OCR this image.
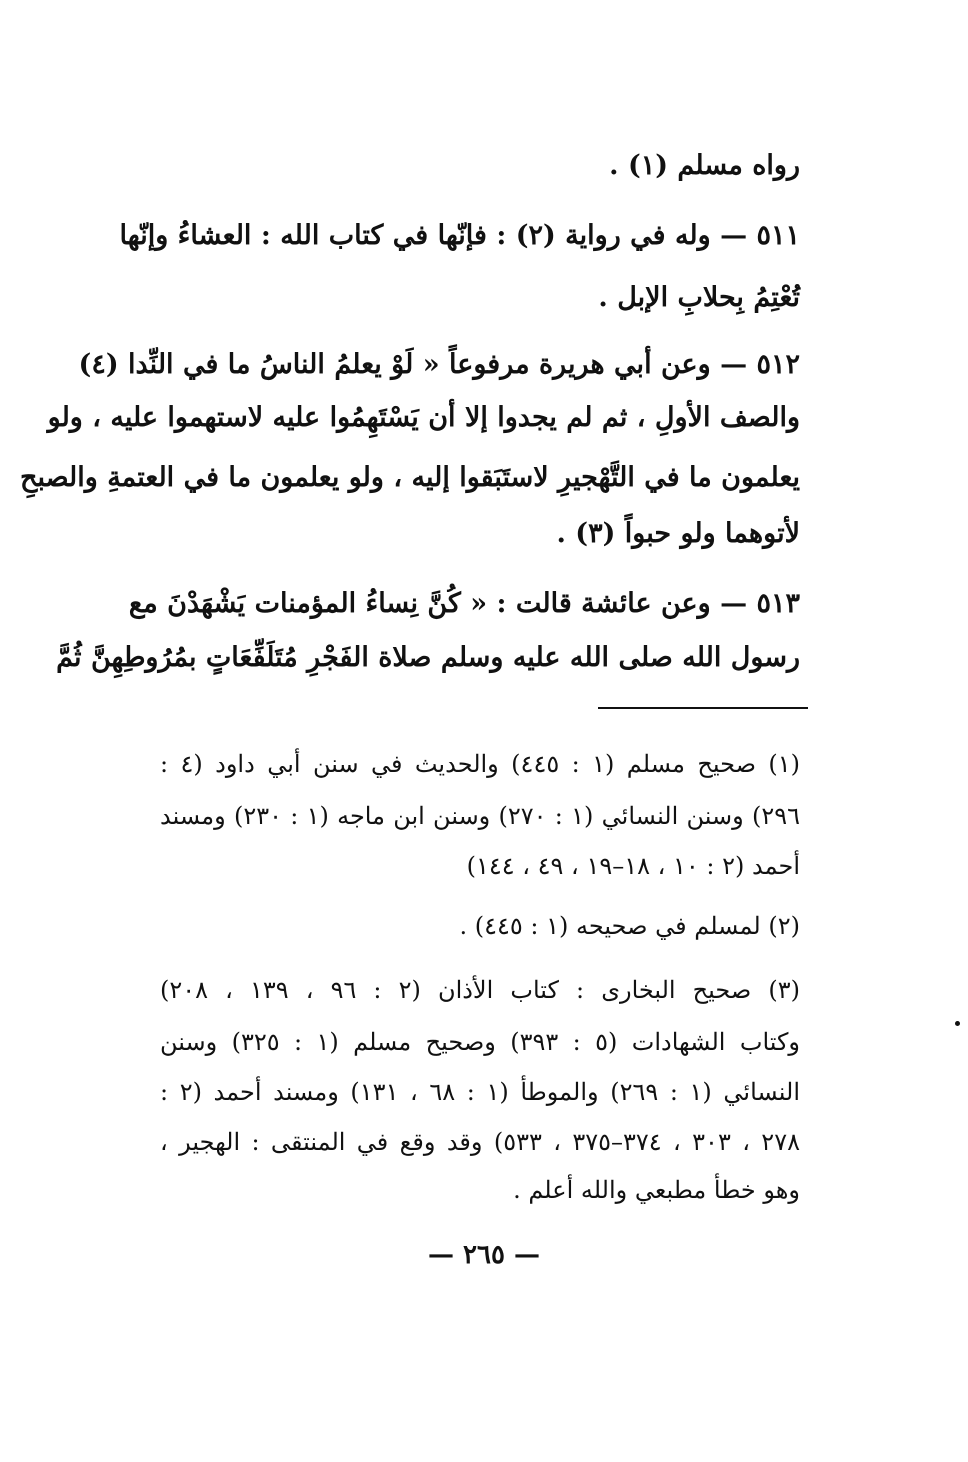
رواه مسلم (١) .
٥١١ — وله في رواية (٢) : فإنّها في كتاب الله : العشاءُ وإنّها
تُعْتِمُ بِحلابِ الإبل .
٥١٢ — وعن أبي هريرة مرفوعاً « لَوْ يعلمُ الناسُ ما في النِّدا (٤)
والصف الأولِ ، ثم لم يجدوا إلا أن يَسْتَهِمُوا عليه لاستهموا عليه ، ولو
يعلمون ما في التَّهْجيرِ لاستَبَقوا إليه ، ولو يعلمون ما في العتمةِ والصبحِ
لأتوهما ولو حبواً (٣) .
٥١٣ — وعن عائشة قالت : « كُنَّ نِساءُ المؤمنات يَشْهَدْنَ مع
رسول الله صلى الله عليه وسلم صلاة الفَجْرِ مُتَلَفِّعَاتٍ بمُرُوطِهِنَّ ثُمَّ
(١) صحيح مسلم (١ : ٤٤٥) والحديث في سنن أبي داود (٤ :
٢٩٦) وسنن النسائي (١ : ٢٧٠) وسنن ابن ماجه (١ : ٢٣٠) ومسند
أحمد (٢ : ١٠ ، ١٨–١٩ ، ٤٩ ، ١٤٤)
(٢) لمسلم في صحيحه (١ : ٤٤٥) .
(٣) صحيح البخارى : كتاب الأذان (٢ : ٩٦ ، ١٣٩ ، ٢٠٨)
وكتاب الشهادات (٥ : ٣٩٣) وصحيح مسلم (١ : ٣٢٥) وسنن
النسائي (١ : ٢٦٩) والموطأ (١ : ٦٨ ، ١٣١) ومسند أحمد (٢ :
٢٧٨ ، ٣٠٣ ، ٣٧٤–٣٧٥ ، ٥٣٣) وقد وقع في المنتقى : الهجير ،
وهو خطأ مطبعي والله أعلم .
— ٢٦٥ —
